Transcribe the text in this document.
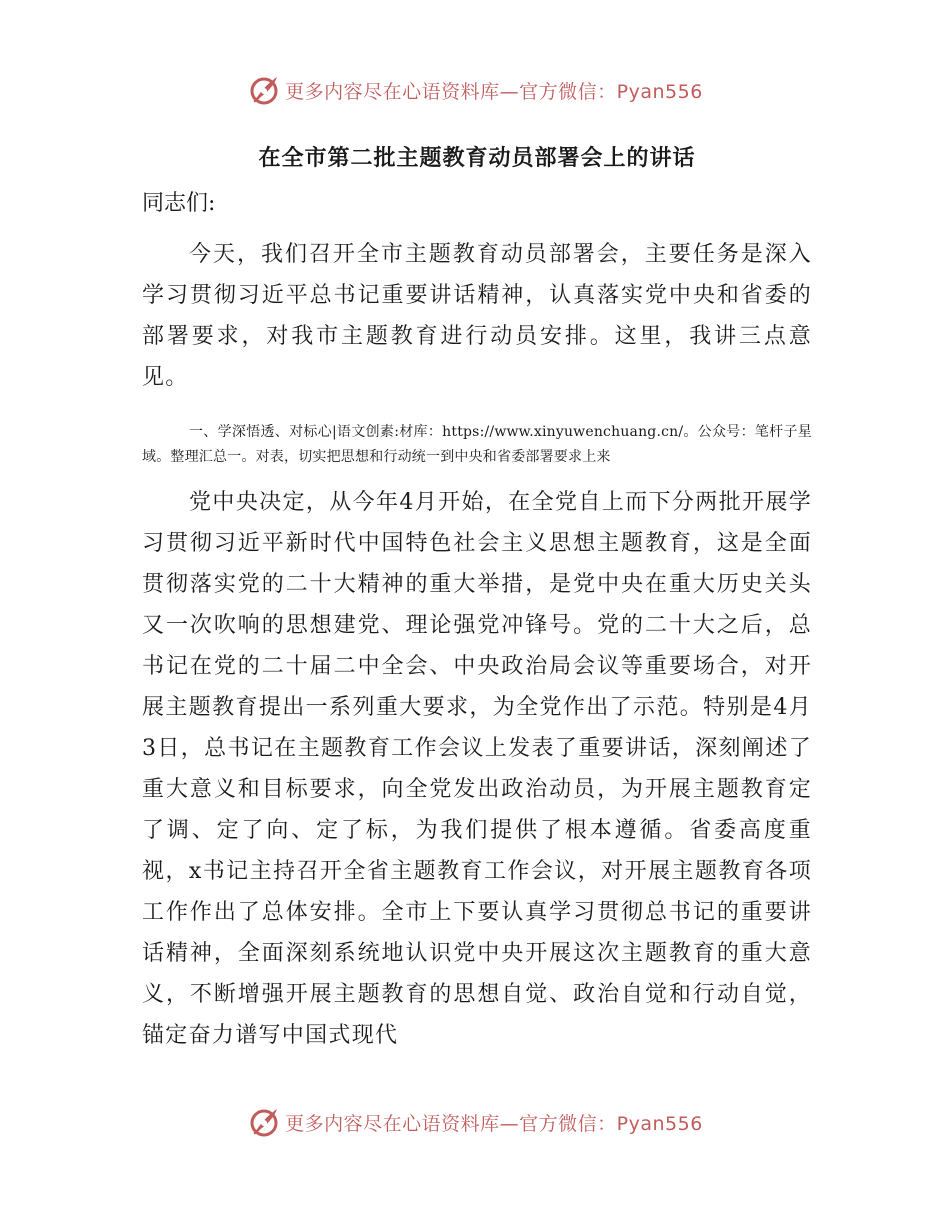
更多内容尽在心语资料库—官方微信：Pyan556
在全市第二批主题教育动员部署会上的讲话

同志们:

今天，我们召开全市主题教育动员部署会，主要任务是深入学习贯彻习近平总书记重要讲话精神，认真落实党中央和省委的部署要求，对我市主题教育进行动员安排。这里，我讲三点意见。

一、学深悟透、对标心|语文创素:材库：https://www.xinyuwenchuang.cn/。公众号：笔杆子星域。整理汇总一。对表，切实把思想和行动统一到中央和省委部署要求上来

党中央决定，从今年4月开始，在全党自上而下分两批开展学习贯彻习近平新时代中国特色社会主义思想主题教育，这是全面贯彻落实党的二十大精神的重大举措，是党中央在重大历史关头又一次吹响的思想建党、理论强党冲锋号。党的二十大之后，总书记在党的二十届二中全会、中央政治局会议等重要场合，对开展主题教育提出一系列重大要求，为全党作出了示范。特别是4月3日，总书记在主题教育工作会议上发表了重要讲话，深刻阐述了重大意义和目标要求，向全党发出政治动员，为开展主题教育定了调、定了向、定了标，为我们提供了根本遵循。省委高度重视，x书记主持召开全省主题教育工作会议，对开展主题教育各项工作作出了总体安排。全市上下要认真学习贯彻总书记的重要讲话精神，全面深刻系统地认识党中央开展这次主题教育的重大意义，不断增强开展主题教育的思想自觉、政治自觉和行动自觉，锚定奋力谱写中国式现代

更多内容尽在心语资料库—官方微信：Pyan556
